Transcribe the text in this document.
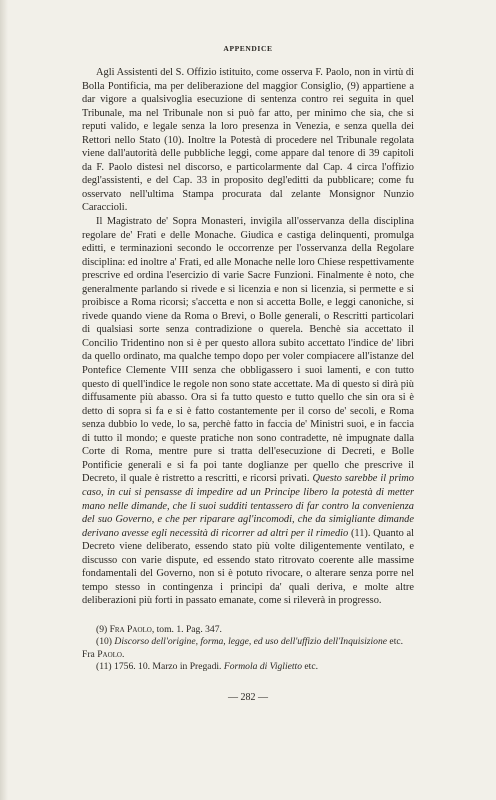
APPENDICE

Agli Assistenti del S. Offizio istituito, come osserva F. Paolo, non in virtù di Bolla Pontificia, ma per deliberazione del maggior Consiglio, (9) appartiene a dar vigore a qualsivoglia esecuzione di sentenza contro rei seguita in quel Tribunale, ma nel Tribunale non si può far atto, per minimo che sia, che si reputi valido, e legale senza la loro presenza in Venezia, e senza quella dei Rettori nello Stato (10). Inoltre la Potestà di procedere nel Tribunale regolata viene dall'autorità delle pubbliche leggi, come appare dal tenore di 39 capitoli da F. Paolo distesi nel discorso, e particolarmente dal Cap. 4 circa l'offizio degl'assistenti, e del Cap. 33 in proposito degl'editti da pubblicare; come fu osservato nell'ultima Stampa procurata dal zelante Monsignor Nunzio Caraccioli.

Il Magistrato de' Sopra Monasteri, invigila all'osservanza della disciplina regolare de' Frati e delle Monache. Giudica e castiga delinquenti, promulga editti, e terminazioni secondo le occorrenze per l'osservanza della Regolare disciplina: ed inoltre a' Frati, ed alle Monache nelle loro Chiese respettivamente prescrive ed ordina l'esercizio di varie Sacre Funzioni. Finalmente è noto, che generalmente parlando si rivede e si licenzia e non si licenzia, si permette e si proibisce a Roma ricorsi; s'accetta e non si accetta Bolle, e leggi canoniche, si rivede quando viene da Roma o Brevi, o Bolle generali, o Rescritti particolari di qualsiasi sorte senza contradizione o querela. Benchè sia accettato il Concilio Tridentino non si è per questo allora subito accettato l'indice de' libri da quello ordinato, ma qualche tempo dopo per voler compiacere all'istanze del Pontefice Clemente VIII senza che obbligassero i suoi lamenti, e con tutto questo di quell'indice le regole non sono state accettate. Ma di questo si dirà più diffusamente più abasso. Ora si fa tutto questo e tutto quello che sin ora si è detto di sopra si fa e si è fatto costantemente per il corso de' secoli, e Roma senza dubbio lo vede, lo sa, perchè fatto in faccia de' Ministri suoi, e in faccia di tutto il mondo; e queste pratiche non sono contradette, nè impugnate dalla Corte di Roma, mentre pure si tratta dell'esecuzione di Decreti, e Bolle Pontificie generali e si fa poi tante doglianze per quello che prescrive il Decreto, il quale è ristretto a rescritti, e ricorsi privati. Questo sarebbe il primo caso, in cui si pensasse di impedire ad un Principe libero la potestà di metter mano nelle dimande, che li suoi sudditi tentassero di far contro la convenienza del suo Governo, e che per riparare agl'incomodi, che da simigliante dimande derivano avesse egli necessità di ricorrer ad altri per il rimedio (11). Quanto al Decreto viene deliberato, essendo stato più volte diligentemente ventilato, e discusso con varie dispute, ed essendo stato ritrovato coerente alle massime fondamentali del Governo, non si è potuto rivocare, o alterare senza porre nel tempo stesso in contingenza i principi da' quali deriva, e molte altre deliberazioni più forti in passato emanate, come si rileverà in progresso.

(9) Fra Paolo, tom. 1. Pag. 347.

(10) Discorso dell'origine, forma, legge, ed uso dell'uffizio dell'Inquisizione etc. Fra Paolo.

(11) 1756. 10. Marzo in Pregadi. Formola di Viglietto etc.

— 282 —
